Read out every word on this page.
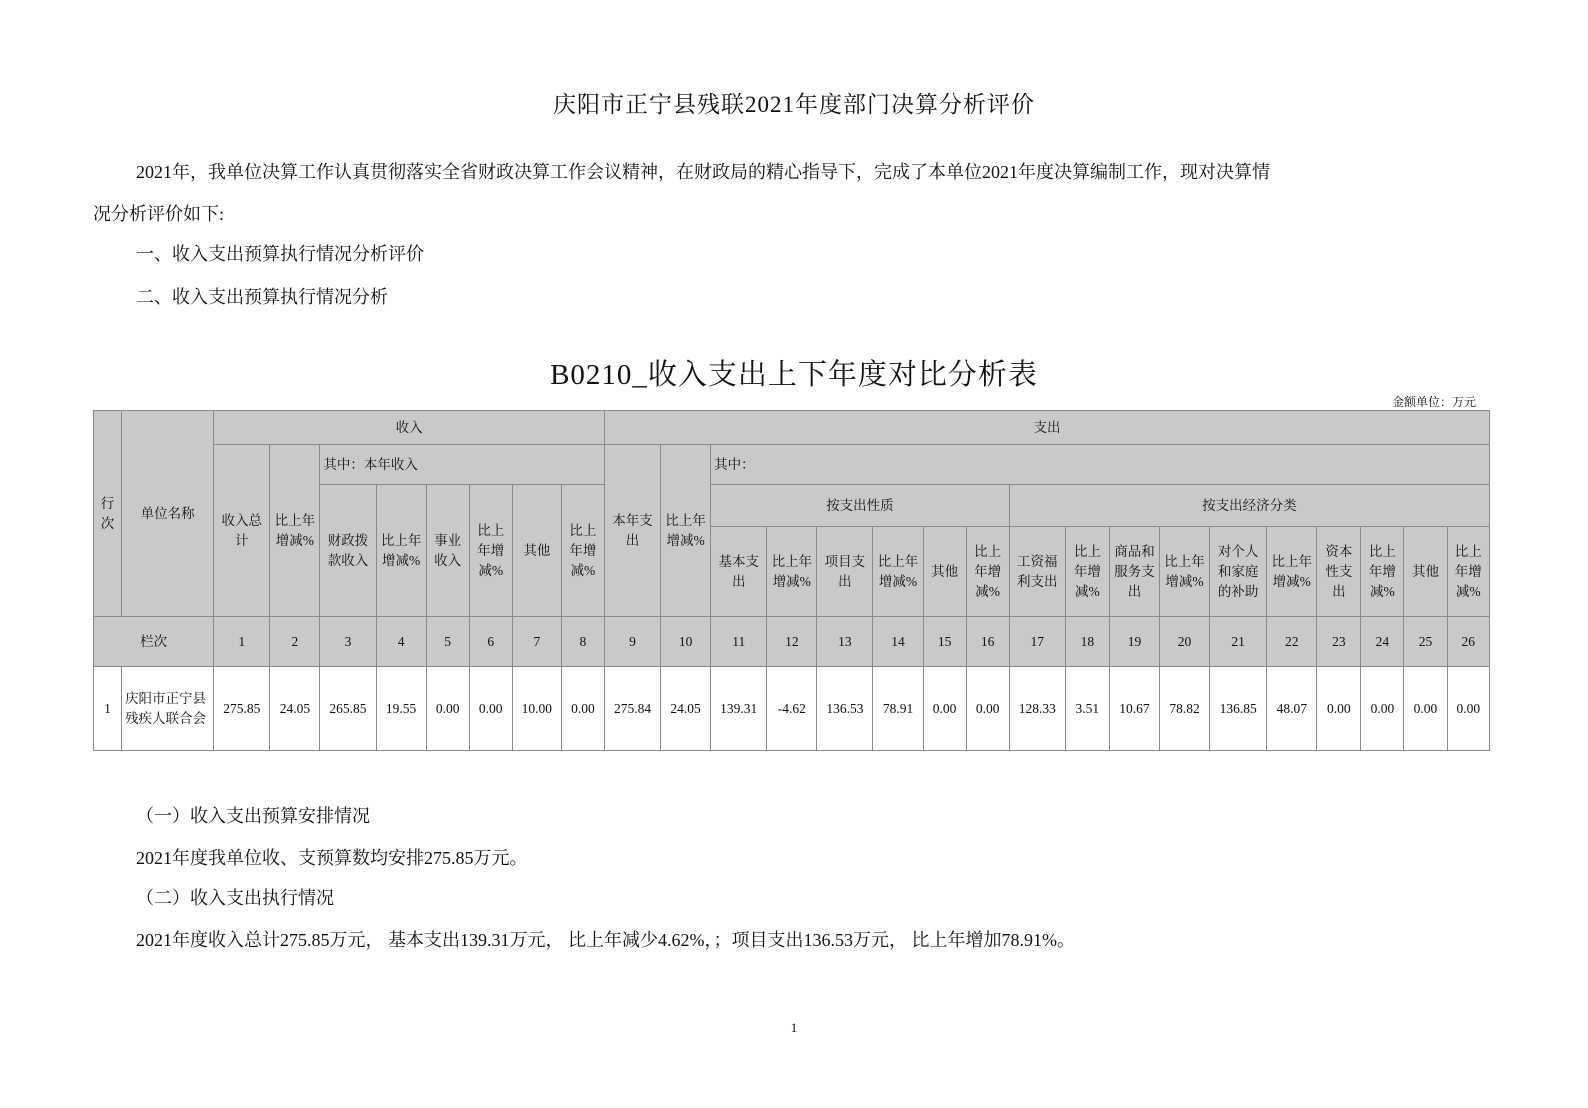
庆阳市正宁县残联2021年度部门决算分析评价
2021年，我单位决算工作认真贯彻落实全省财政决算工作会议精神，在财政局的精心指导下，完成了本单位2021年度决算编制工作，现对决算情
况分析评价如下:
一、收入支出预算执行情况分析评价
二、收入支出预算执行情况分析
B0210_收入支出上下年度对比分析表
金额单位：万元
行次	单位名称	收入								支出																	
		收入总计	比上年增减%	其中：本年收入						本年支出	比上年增减%	其中：															
				财政拨款收入	比上年增减%	事业收入	比上年增减%	其他	比上年增减%			按支出性质						按支出经济分类									
												基本支出	比上年增减%	项目支出	比上年增减%	其他	比上年增减%	工资福利支出	比上年增减%	商品和服务支出	比上年增减%	对个人和家庭的补助	比上年增减%	资本性支出	比上年增减%	其他	比上年增减%

栏次		1	2	3	4	5	6	7	8	9	10	11	12	13	14	15	16	17	18	19	20	21	22	23	24	25	26
1	庆阳市正宁县残疾人联合会	275.85	24.05	265.85	19.55	0.00	0.00	10.00	0.00	275.84	24.05	139.31	-4.62	136.53	78.91	0.00	0.00	128.33	3.51	10.67	78.82	136.85	48.07	0.00	0.00	0.00	0.00
1
（一）收入支出预算安排情况
2021年度我单位收、支预算数均安排275.85万元。
（二）收入支出执行情况
2021年度收入总计275.85万元， 基本支出139.31万元， 比上年减少4.62%，；项目支出136.53万元， 比上年增加78.91%。
